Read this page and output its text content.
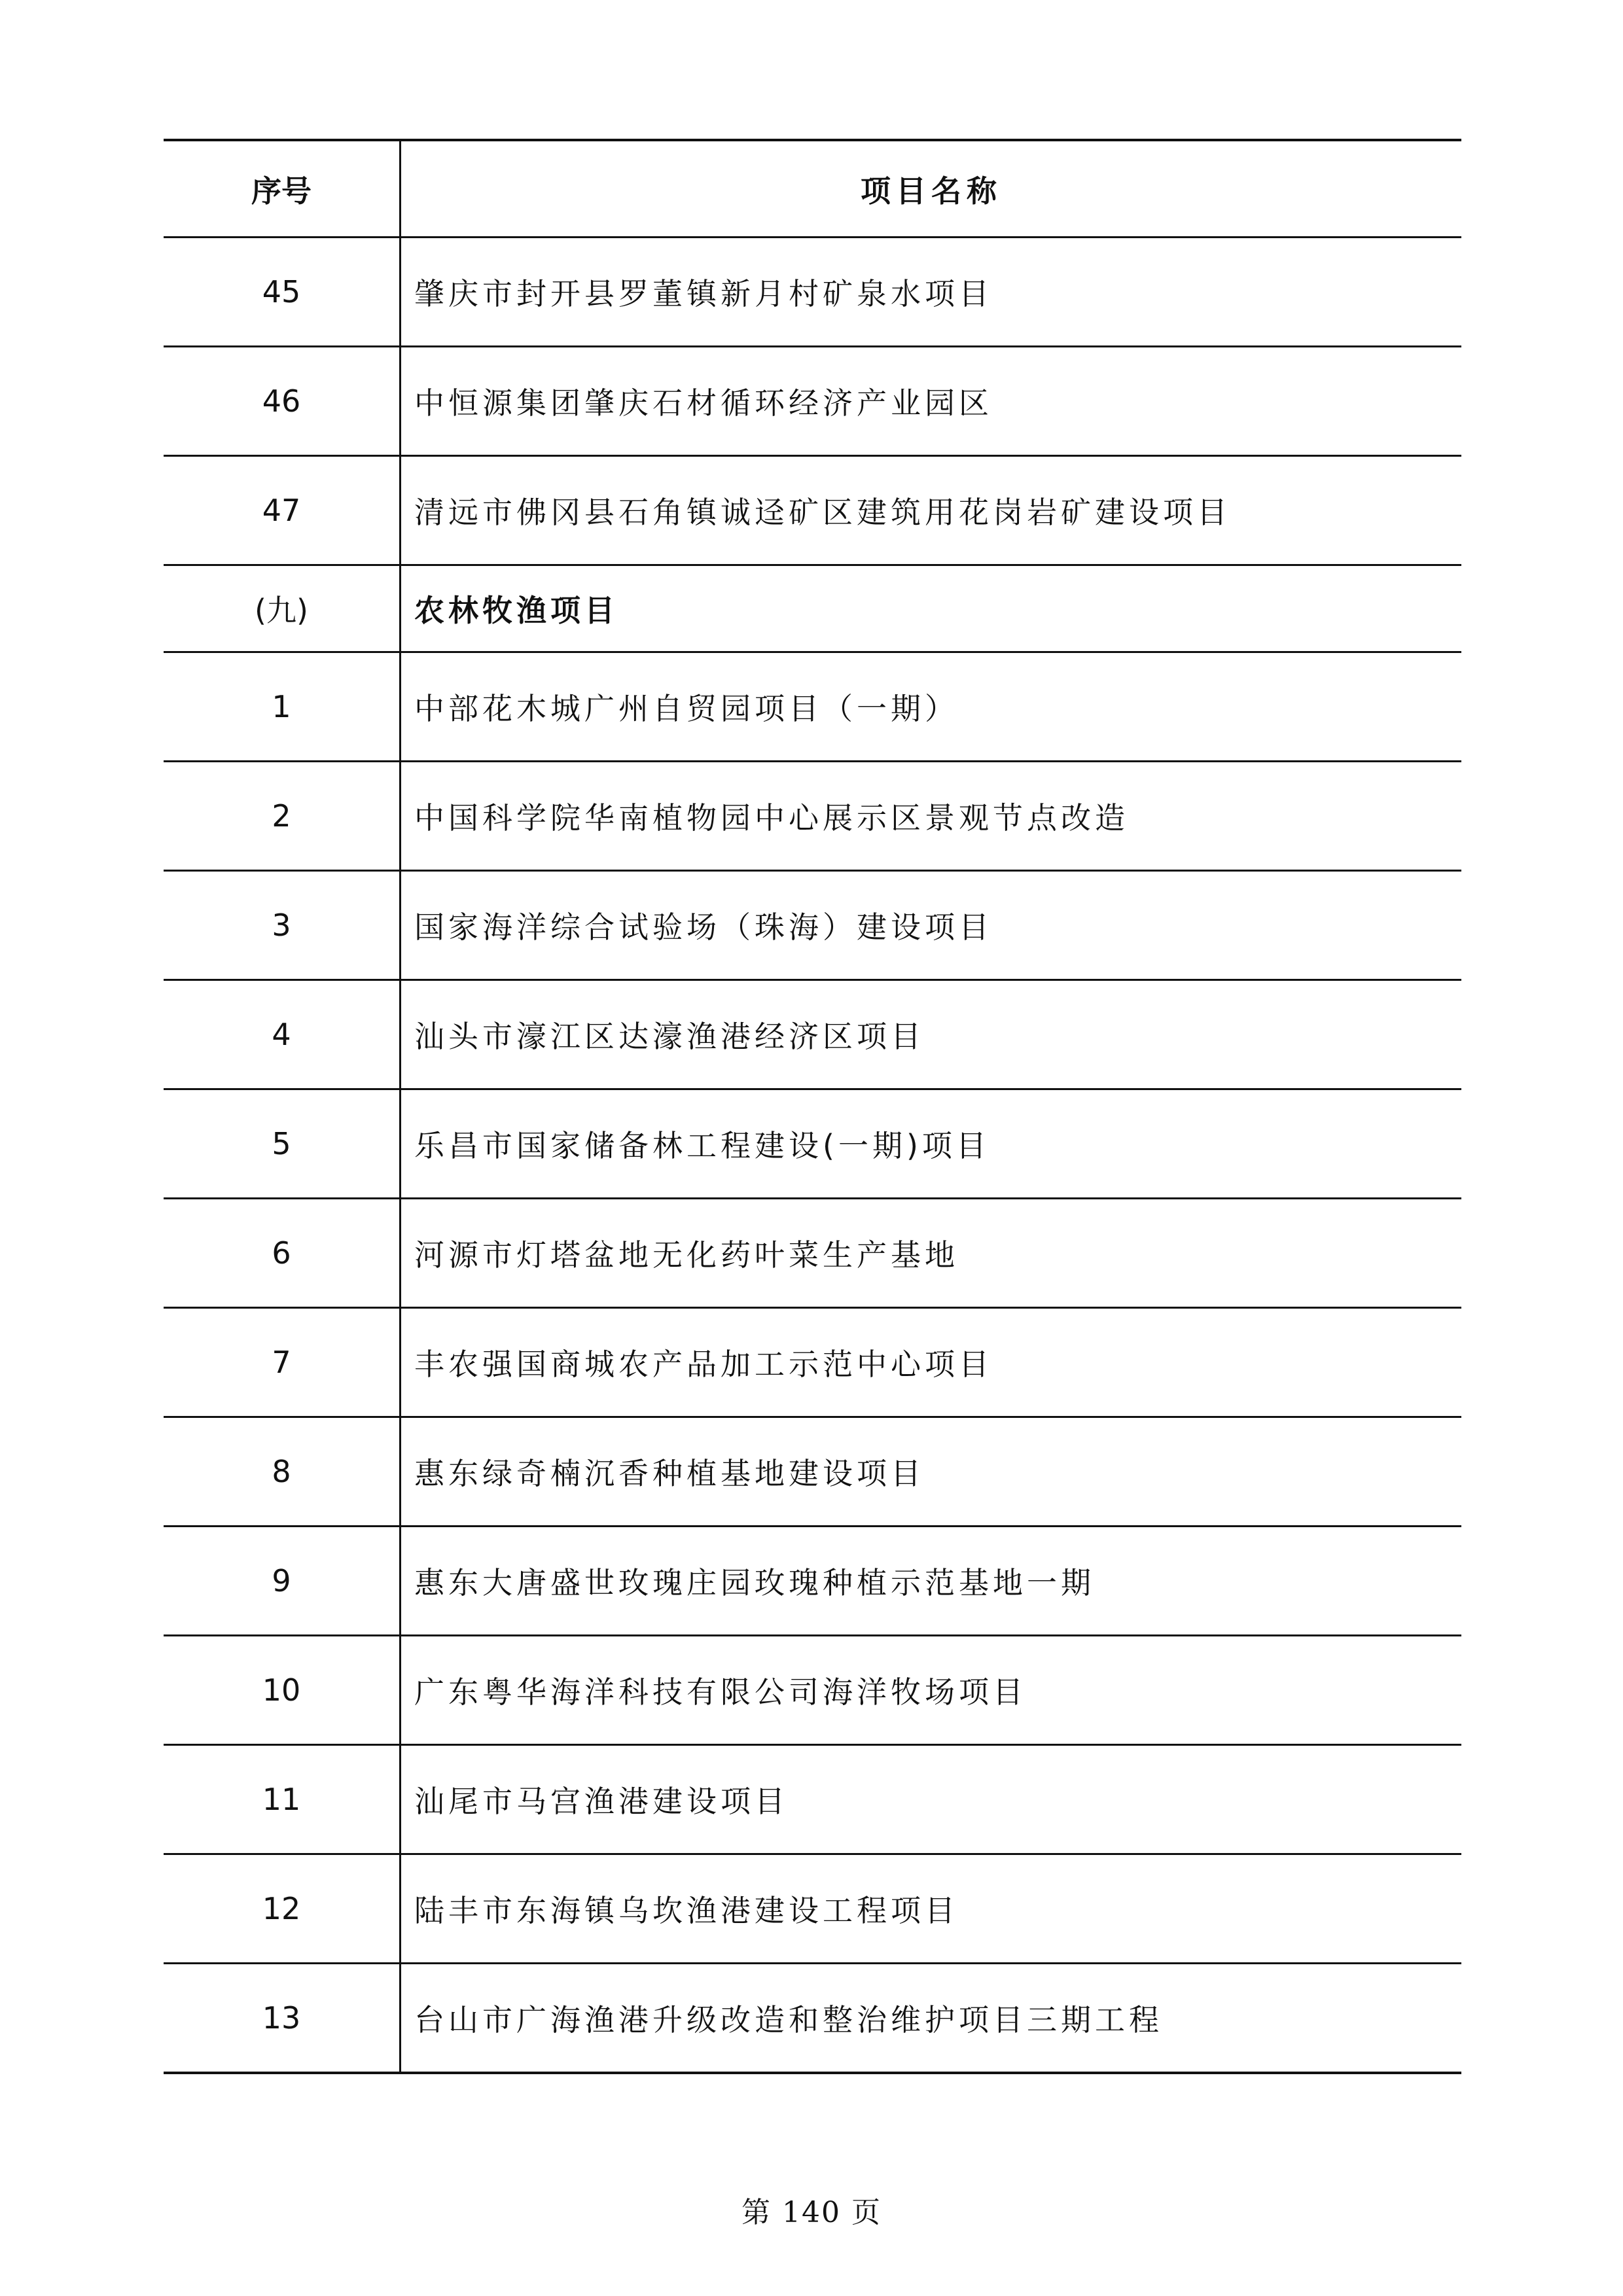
序号	项目名称
45	肇庆市封开县罗董镇新月村矿泉水项目
46	中恒源集团肇庆石材循环经济产业园区
47	清远市佛冈县石角镇诚迳矿区建筑用花岗岩矿建设项目
(九)	农林牧渔项目
1	中部花木城广州自贸园项目（一期）
2	中国科学院华南植物园中心展示区景观节点改造
3	国家海洋综合试验场（珠海）建设项目
4	汕头市濠江区达濠渔港经济区项目
5	乐昌市国家储备林工程建设(一期)项目
6	河源市灯塔盆地无化药叶菜生产基地
7	丰农强国商城农产品加工示范中心项目
8	惠东绿奇楠沉香种植基地建设项目
9	惠东大唐盛世玫瑰庄园玫瑰种植示范基地一期
10	广东粤华海洋科技有限公司海洋牧场项目
11	汕尾市马宫渔港建设项目
12	陆丰市东海镇乌坎渔港建设工程项目
13	台山市广海渔港升级改造和整治维护项目三期工程
第 140 页
